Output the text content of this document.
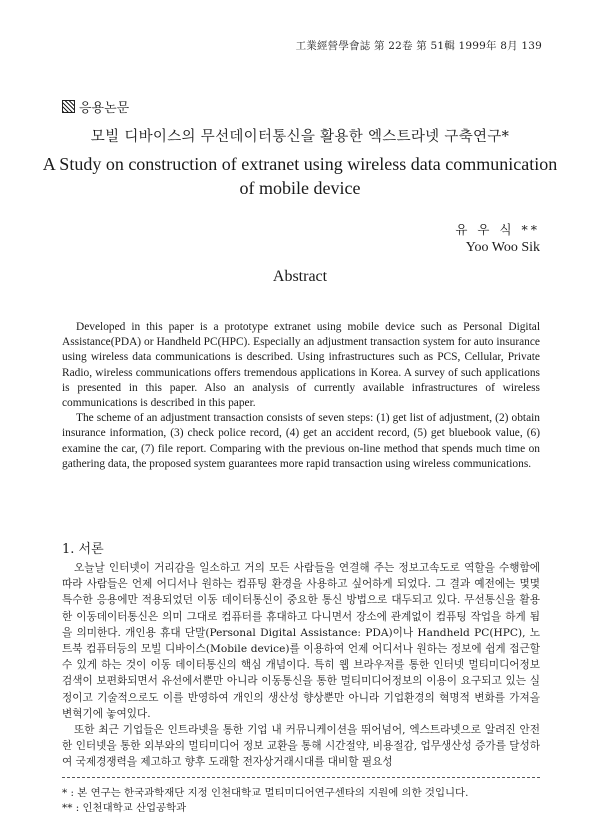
工業經營學會誌 第 22卷 第 51輯 1999年 8月 139
응용논문
모빌 디바이스의 무선데이터통신을 활용한 엑스트라넷 구축연구*
A Study on construction of extranet using wireless data communication of mobile device
유 우 식 **
Yoo Woo Sik
Abstract

Developed in this paper is a prototype extranet using mobile device such as Personal Digital Assistance(PDA) or Handheld PC(HPC). Especially an adjustment transaction system for auto insurance using wireless data communications is described. Using infrastructures such as PCS, Cellular, Private Radio, wireless communications offers tremendous applications in Korea. A survey of such applications is presented in this paper. Also an analysis of currently available infrastructures of wireless communications is described in this paper.

The scheme of an adjustment transaction consists of seven steps: (1) get list of adjustment, (2) obtain insurance information, (3) check police record, (4) get an accident record, (5) get bluebook value, (6) examine the car, (7) file report. Comparing with the previous on-line method that spends much time on gathering data, the proposed system guarantees more rapid transaction using wireless communications.

1. 서론

오늘날 인터넷이 거리감을 일소하고 거의 모든 사람들을 연결해 주는 정보고속도로 역할을 수행함에 따라 사람들은 언제 어디서나 원하는 컴퓨팅 환경을 사용하고 싶어하게 되었다. 그 결과 예전에는 몇몇 특수한 응용에만 적용되었던 이동 데이터통신이 중요한 통신 방법으로 대두되고 있다. 무선통신을 활용한 이동데이터통신은 의미 그대로 컴퓨터를 휴대하고 다니면서 장소에 관계없이 컴퓨팅 작업을 하게 됨을 의미한다. 개인용 휴대 단말(Personal Digital Assistance: PDA)이나 Handheld PC(HPC), 노트북 컴퓨터등의 모빌 디바이스(Mobile device)를 이용하여 언제 어디서나 원하는 정보에 쉽게 접근할 수 있게 하는 것이 이동 데이터통신의 핵심 개념이다. 특히 웹 브라우저를 통한 인터넷 멀티미디어정보 검색이 보편화되면서 유선에서뿐만 아니라 이동통신을 통한 멀티미디어정보의 이용이 요구되고 있는 실정이고 기술적으로도 이를 반영하여 개인의 생산성 향상뿐만 아니라 기업환경의 혁명적 변화를 가져올 변혁기에 놓여있다.

또한 최근 기업들은 인트라넷을 통한 기업 내 커뮤니케이션을 뛰어넘어, 엑스트라넷으로 알려진 안전한 인터넷을 통한 외부와의 멀티미디어 정보 교환을 통해 시간절약, 비용절감, 업무생산성 증가를 달성하여 국제경쟁력을 제고하고 향후 도래할 전자상거래시대를 대비할 필요성

* : 본 연구는 한국과학재단 지정 인천대학교 멀티미디어연구센타의 지원에 의한 것입니다.
** : 인천대학교 산업공학과
